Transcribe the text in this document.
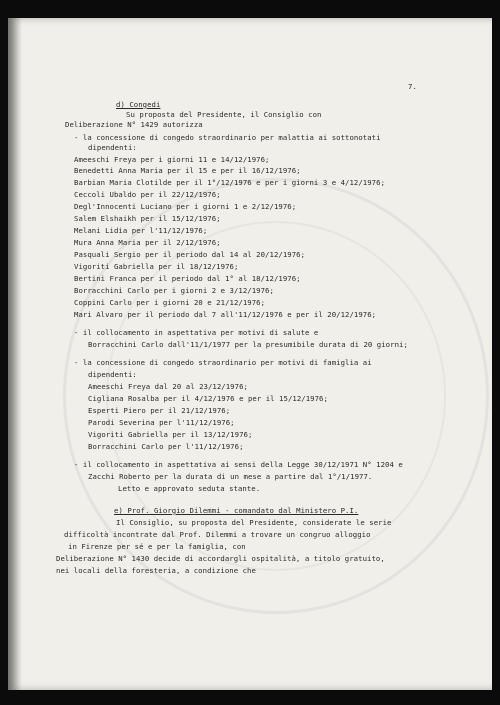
7.
d) Congedi
Su proposta del Presidente, il Consiglio con
Deliberazione N° 1429 autorizza
- la concessione di congedo straordinario per malattia ai sottonotati
dipendenti:
Ameeschi Freya per i giorni 11 e 14/12/1976;
Benedetti Anna Maria per il 15 e per il 16/12/1976;
Barbian Maria Clotilde per il 1°/12/1976 e per i giorni 3 e 4/12/1976;
Ceccoli Ubaldo per il 22/12/1976;
Degl'Innocenti Luciano per i giorni 1 e 2/12/1976;
Salem Elshaikh per il 15/12/1976;
Melani Lidia per l'11/12/1976;
Mura Anna Maria per il 2/12/1976;
Pasquali Sergio per il periodo dal 14 al 20/12/1976;
Vigoriti Gabriella per il 18/12/1976;
Bertini Franca per il periodo dal 1° al 18/12/1976;
Borracchini Carlo per i giorni 2 e 3/12/1976;
Coppini Carlo per i giorni 20 e 21/12/1976;
Mari Alvaro per il periodo dal 7 all'11/12/1976 e per il 20/12/1976;
- il collocamento in aspettativa per motivi di salute e
Borracchini Carlo dall'11/1/1977 per la presumibile durata di 20 giorni;
- la concessione di congedo straordinario per motivi di famiglia ai
dipendenti:
Ameeschi Freya dal 20 al 23/12/1976;
Cigliana Rosalba per il 4/12/1976 e per il 15/12/1976;
Esperti Piero per il 21/12/1976;
Parodi Severina per l'11/12/1976;
Vigoriti Gabriella per il 13/12/1976;
Borracchini Carlo per l'11/12/1976;
- il collocamento in aspettativa ai sensi della Legge 30/12/1971 N° 1204 e
Zacchi Roberto per la durata di un mese a partire dal 1°/1/1977.
Letto e approvato seduta stante.
e) Prof. Giorgio Dilemmi - comandato dal Ministero P.I.
Il Consiglio, su proposta del Presidente, considerate le serie
difficoltà incontrate dal Prof. Dilemmi a trovare un congruo alloggio
in Firenze per sé e per la famiglia, con
Deliberazione N° 1430 decide di accordargli ospitalità, a titolo gratuito,
nei locali della foresteria, a condizione che
